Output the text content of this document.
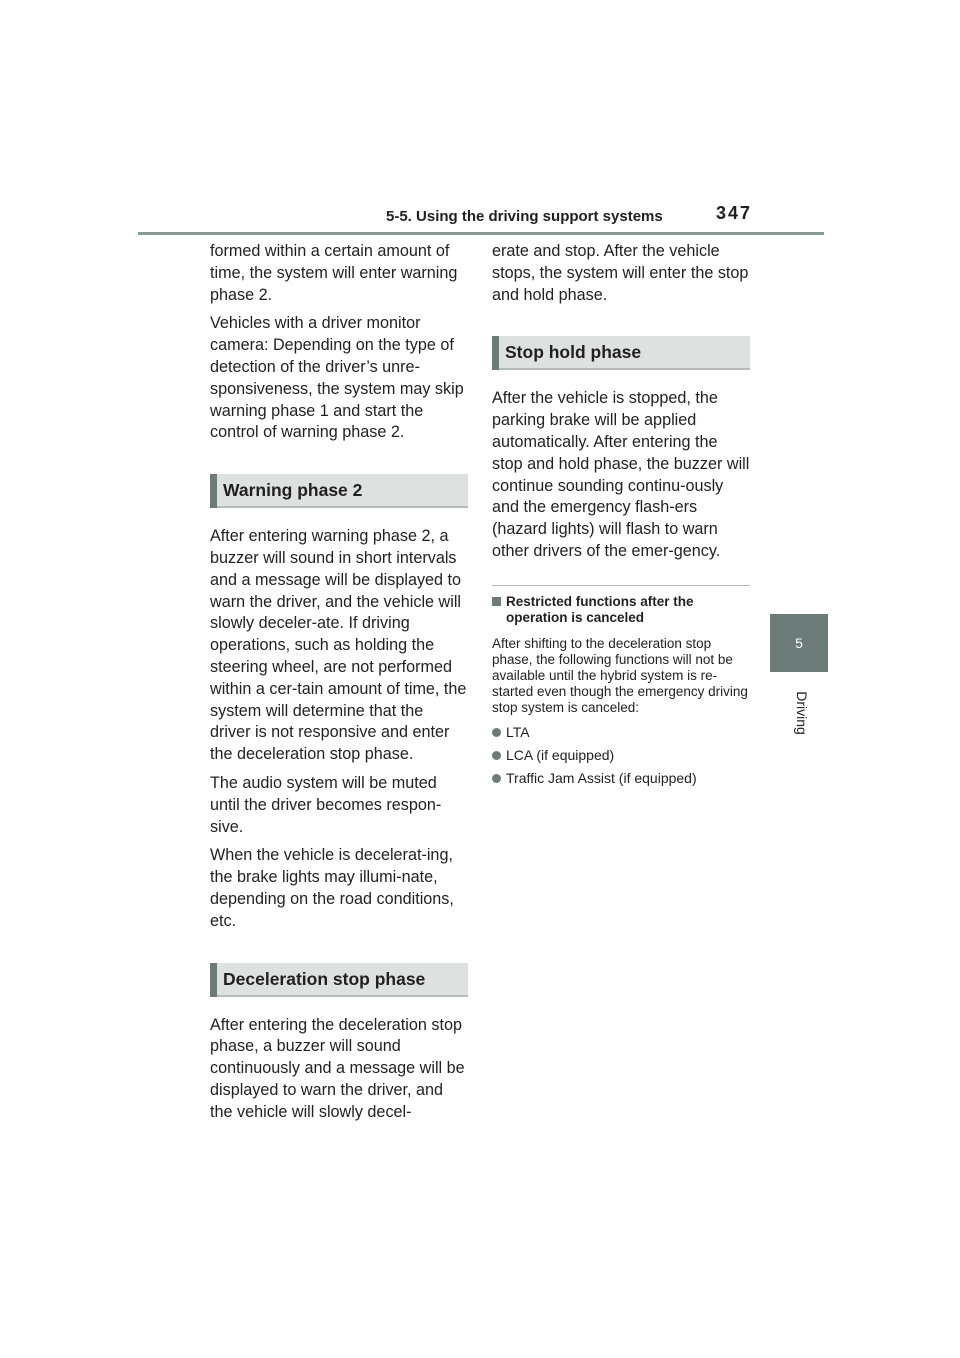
5-5. Using the driving support systems	347
5
Driving

formed within a certain amount of time, the system will enter warning phase 2.

Vehicles with a driver monitor camera: Depending on the type of detection of the driver’s unre-sponsiveness, the system may skip warning phase 1 and start the control of warning phase 2.

Warning phase 2

After entering warning phase 2, a buzzer will sound in short intervals and a message will be displayed to warn the driver, and the vehicle will slowly deceler-ate. If driving operations, such as holding the steering wheel, are not performed within a cer-tain amount of time, the system will determine that the driver is not responsive and enter the deceleration stop phase.

The audio system will be muted until the driver becomes respon-sive.

When the vehicle is decelerat-ing, the brake lights may illumi-nate, depending on the road conditions, etc.

Deceleration stop phase

After entering the deceleration stop phase, a buzzer will sound continuously and a message will be displayed to warn the driver, and the vehicle will slowly decel-

erate and stop. After the vehicle stops, the system will enter the stop and hold phase.

Stop hold phase

After the vehicle is stopped, the parking brake will be applied automatically. After entering the stop and hold phase, the buzzer will continue sounding continu-ously and the emergency flash-ers (hazard lights) will flash to warn other drivers of the emer-gency.

Restricted functions after the operation is canceled

After shifting to the deceleration stop phase, the following functions will not be available until the hybrid system is re-started even though the emergency driving stop system is canceled:

LTA
LCA (if equipped)
Traffic Jam Assist (if equipped)
